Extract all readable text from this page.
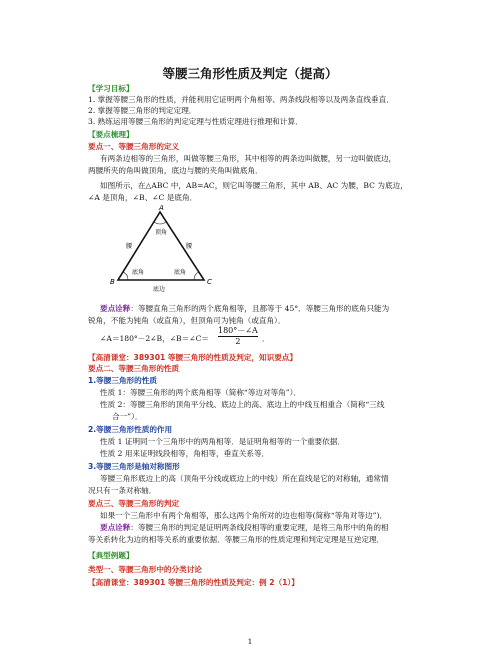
等腰三角形性质及判定（提高）
【学习目标】
1. 掌握等腰三角形的性质，并能利用它证明两个角相等、两条线段相等以及两条直线垂直．
2. 掌握等腰三角形的判定定理．
3. 熟练运用等腰三角形的判定定理与性质定理进行推理和计算．
【要点梳理】
要点一、等腰三角形的定义
有两条边相等的三角形，叫做等腰三角形，其中相等的两条边叫做腰，另一边叫做底边，
两腰所夹的角叫做顶角，底边与腰的夹角叫做底角．
如图所示，在△ABC 中，AB=AC，则它叫等腰三角形，其中 AB、AC 为腰，BC 为底边，
∠A 是顶角，∠B、∠C 是底角．
A
B	C
顶角
腰	腰
底角	底角
底边
要点诠释：等腰直角三角形的两个底角相等，且都等于 45°．等腰三角形的底角只能为
锐角，不能为钝角（或直角），但顶角可为钝角（或直角）．
∠A＝180°－2∠B，∠B＝∠C＝	$\frac{180^\circ-\angle A}{2}$ ．
【高清课堂：389301 等腰三角形的性质及判定，知识要点】
要点二、等腰三角形的性质
1.等腰三角形的性质
性质 1：等腰三角形的两个底角相等（简称“等边对等角”）．
性质 2：等腰三角形的顶角平分线、底边上的高、底边上的中线互相重合（简称“三线
合一”）．
2.等腰三角形性质的作用
性质 1 证明同一个三角形中的两角相等．是证明角相等的一个重要依据．
性质 2 用来证明线段相等，角相等，垂直关系等．
3.等腰三角形是轴对称图形
等腰三角形底边上的高（顶角平分线或底边上的中线）所在直线是它的对称轴，通常情
况只有一条对称轴．
要点三、等腰三角形的判定
如果一个三角形中有两个角相等，那么这两个角所对的边也相等(简称“等角对等边”)．
要点诠释：等腰三角形的判定是证明两条线段相等的重要定理，是将三角形中的角的相
等关系转化为边的相等关系的重要依据．等腰三角形的性质定理和判定定理是互逆定理．
【典型例题】
类型一、等腰三角形中的分类讨论
【高清课堂：389301 等腰三角形的性质及判定：例 2（1）】
1
